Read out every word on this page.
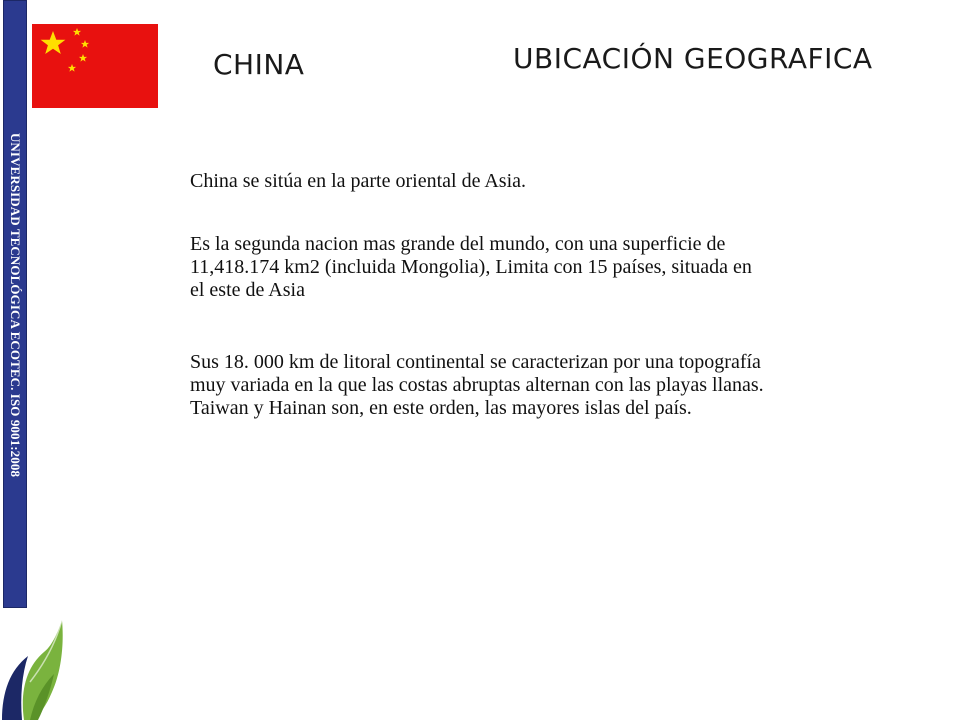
UNIVERSIDAD TECNOLÓGICA ECOTEC. ISO 9001:2008
CHINA	UBICACIÓN GEOGRAFICA

China se sitúa en la parte oriental de Asia.

Es la segunda nacion mas grande del mundo, con una superficie de 11,418.174 km2 (incluida Mongolia), Limita con 15 países, situada en el este de Asia

Sus 18. 000 km de litoral continental se caracterizan por una topografía muy variada en la que las costas abruptas alternan con las playas llanas. Taiwan y Hainan son, en este orden, las mayores islas del país.
